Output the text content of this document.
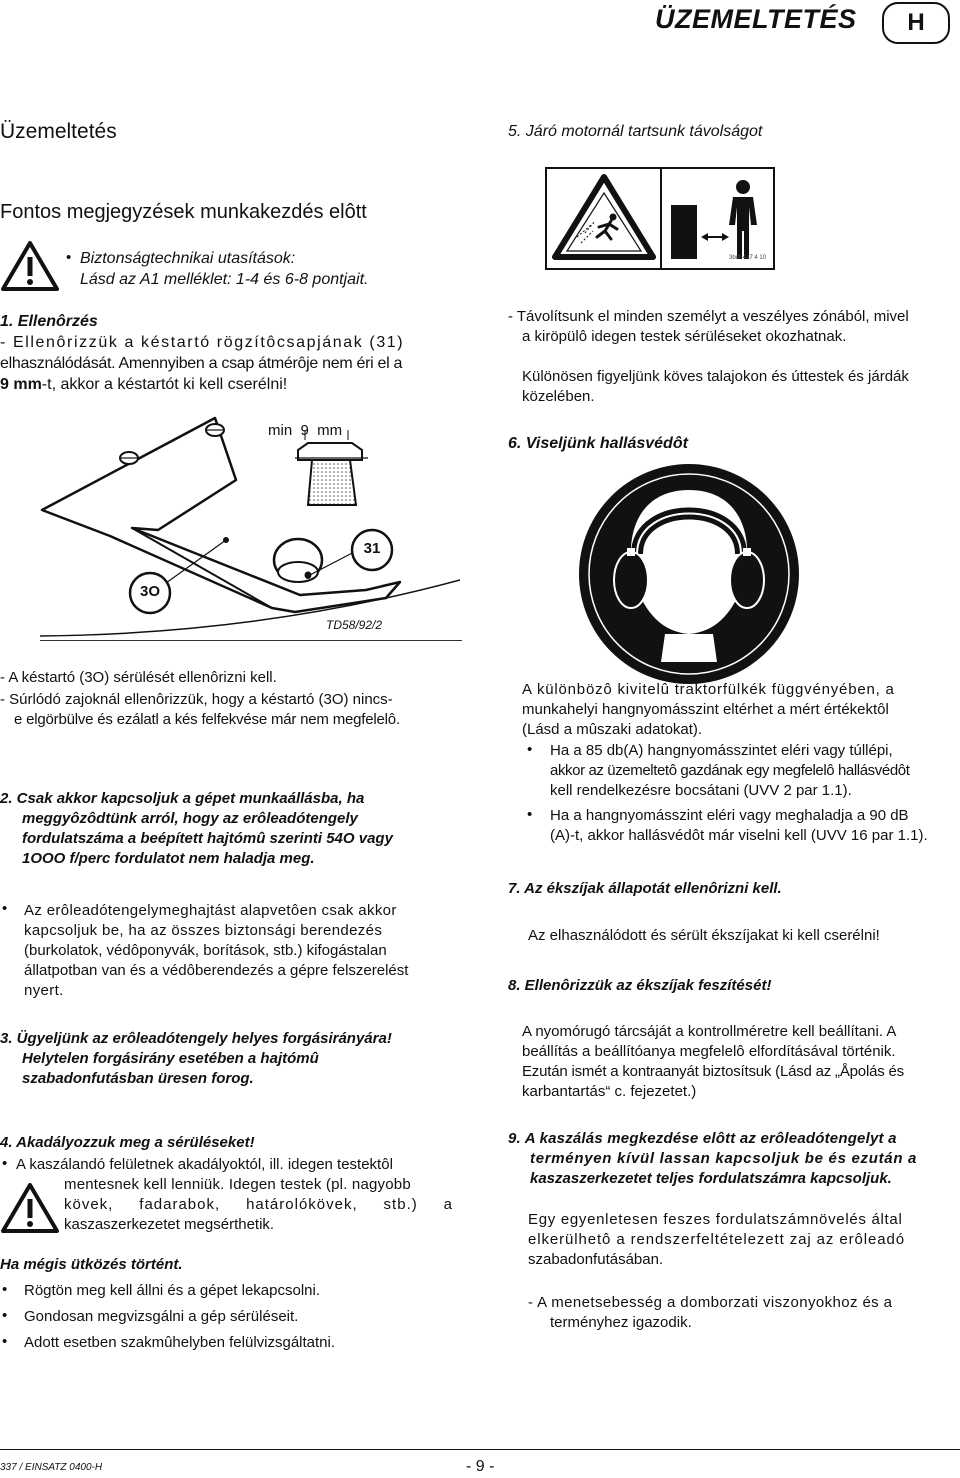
ÜZEMELTETÉS	H
Üzemeltetés
Fontos megjegyzések munkakezdés elôtt
• Biztonságtechnikai utasítások:
Lásd az A1 melléklet: 1-4 és 6-8 pontjait.
1. Ellenôrzés
- Ellenôrizzük a késtartó rögzítôcsapjának (31)
elhasználódását. Amennyiben a csap átmérôje nem éri el a
9 mm-t, akkor a késtartót ki kell cserélni!
min  9  mm
31
3O
TD58/92/2
5. Járó motornál tartsunk távolságot
3bdt-447 4 10
- Távolítsunk el minden személyt a veszélyes zónából, mivel
a kiröpülô idegen testek sérüléseket okozhatnak.
Különösen figyeljünk köves talajokon és úttestek és járdák
közelében.
6. Viseljünk hallásvédôt
- A késtartó (3O) sérülését ellenôrizni kell.
- Súrlódó zajoknál ellenôrizzük, hogy a késtartó (3O) nincs-
e elgörbülve és ezálatl a kés felfekvése már nem megfelelô.
2. Csak akkor kapcsoljuk a gépet munkaállásba, ha
meggyôzôdtünk arról, hogy az erôleadótengely
fordulatszáma a beépített hajtómû szerinti 54O vagy
1OOO f/perc fordulatot nem haladja meg.
• Az erôleadótengelymeghajtást alapvetôen csak akkor
kapcsoljuk be, ha az összes biztonsági berendezés
(burkolatok, védôponyvák, borítások, stb.) kifogástalan
állatpotban van és a védôberendezés a gépre felszerelést
nyert.
3. Ügyeljünk az erôleadótengely helyes forgásirányára!
Helytelen forgásirány esetében a hajtómû
szabadonfutásban üresen forog.
4. Akadályozzuk meg a sérüléseket!
• A kaszálandó felületnek akadályoktól, ill. idegen testektôl
mentesnek kell lenniük. Idegen testek (pl. nagyobb
kövek, fadarabok, határolókövek, stb.) a
kaszaszerkezetet megsérthetik.
Ha mégis ütközés történt.
• Rögtön meg kell állni és a gépet lekapcsolni.
• Gondosan megvizsgálni a gép sérüléseit.
• Adott esetben szakmûhelyben felülvizsgáltatni.
A különbözô kivitelû traktorfülkék függvényében, a
munkahelyi hangnyomásszint eltérhet a mért értékektôl
(Lásd a mûszaki adatokat).
• Ha a 85 db(A) hangnyomásszintet eléri vagy túllépi,
akkor az üzemeltetô gazdának egy megfelelô hallásvédôt
kell rendelkezésre bocsátani (UVV 2 par 1.1).
• Ha a hangnyomásszint eléri vagy meghaladja a 90 dB
(A)-t, akkor hallásvédôt már viselni kell (UVV 16 par 1.1).
7. Az ékszíjak állapotát ellenôrizni kell.
Az elhasználódott és sérült ékszíjakat ki kell cserélni!
8. Ellenôrizzük az ékszíjak feszítését!
A nyomórugó tárcsáját a kontrollméretre kell beállítani. A
beállítás a beállítóanya megfelelô elfordításával történik.
Ezután ismét a kontraanyát biztosítsuk (Lásd az „Åpolás és
karbantartás“ c. fejezetet.)
9. A kaszálás megkezdése elôtt az erôleadótengelyt a
terményen kívül lassan kapcsoljuk be és ezután a
kaszaszerkezetet teljes fordulatszámra kapcsoljuk.
Egy egyenletesen feszes fordulatszámnövelés által
elkerülhetô a rendszerfeltételezett zaj az erôleadó
szabadonfutásában.
- A menetsebesség a domborzati viszonyokhoz és a
terményhez igazodik.
337 / EINSATZ 0400-H	- 9 -
